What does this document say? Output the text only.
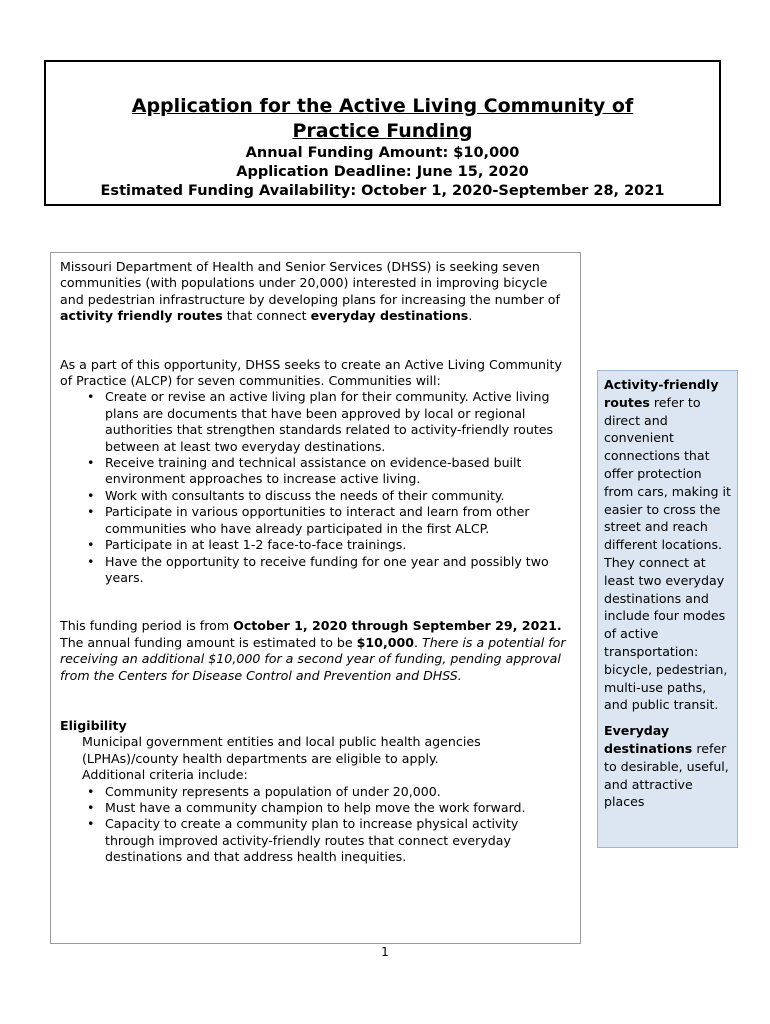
Application for the Active Living Community of Practice Funding
Annual Funding Amount: $10,000
Application Deadline: June 15, 2020
Estimated Funding Availability: October 1, 2020-September 28, 2021

Missouri Department of Health and Senior Services (DHSS) is seeking seven communities (with populations under 20,000) interested in improving bicycle and pedestrian infrastructure by developing plans for increasing the number of activity friendly routes that connect everyday destinations.

As a part of this opportunity, DHSS seeks to create an Active Living Community of Practice (ALCP) for seven communities. Communities will:

• Create or revise an active living plan for their community. Active living plans are documents that have been approved by local or regional authorities that strengthen standards related to activity-friendly routes between at least two everyday destinations.
• Receive training and technical assistance on evidence-based built environment approaches to increase active living.
• Work with consultants to discuss the needs of their community.
• Participate in various opportunities to interact and learn from other communities who have already participated in the first ALCP.
• Participate in at least 1-2 face-to-face trainings.
• Have the opportunity to receive funding for one year and possibly two years.

This funding period is from October 1, 2020 through September 29, 2021. The annual funding amount is estimated to be $10,000. There is a potential for receiving an additional $10,000 for a second year of funding, pending approval from the Centers for Disease Control and Prevention and DHSS.

Eligibility

Municipal government entities and local public health agencies (LPHAs)/county health departments are eligible to apply.

Additional criteria include:

• Community represents a population of under 20,000.
• Must have a community champion to help move the work forward.
• Capacity to create a community plan to increase physical activity through improved activity-friendly routes that connect everyday destinations and that address health inequities.

Activity-friendly routes refer to direct and convenient connections that offer protection from cars, making it easier to cross the street and reach different locations. They connect at least two everyday destinations and include four modes of active transportation: bicycle, pedestrian, multi-use paths, and public transit.

Everyday destinations refer to desirable, useful, and attractive places

1
